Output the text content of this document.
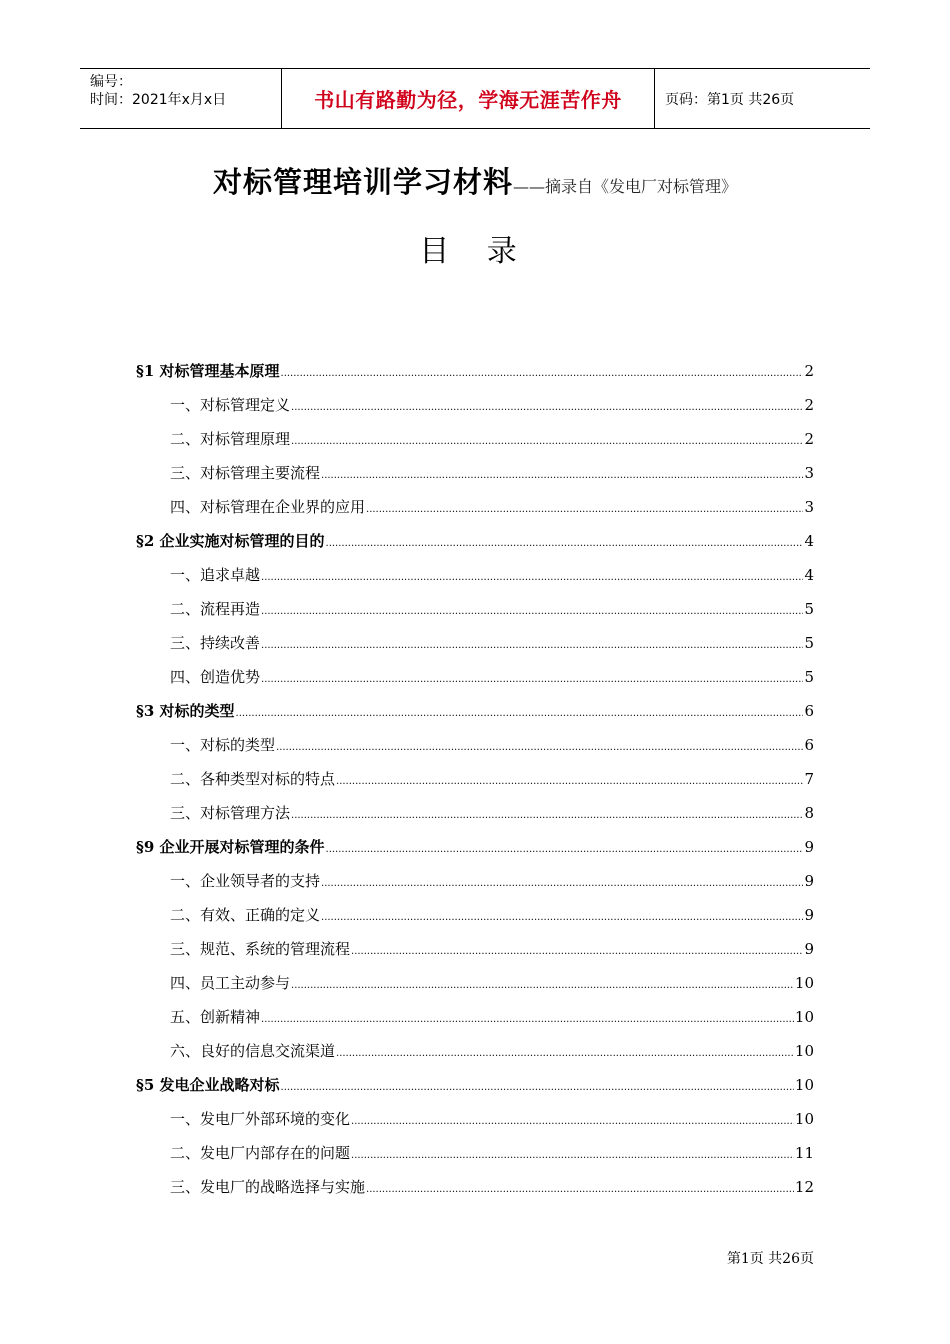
编号：
时间：2021年x月x日	书山有路勤为径，学海无涯苦作舟	页码：第1页 共26页
对标管理培训学习材料——摘录自《发电厂对标管理》
目 录
§1 对标管理基本原理 .....	2
一、对标管理定义 .....	2
二、对标管理原理 .....	2
三、对标管理主要流程 .....	3
四、对标管理在企业界的应用 .....	3
§2 企业实施对标管理的目的 .....	4
一、追求卓越 .....	4
二、流程再造 .....	5
三、持续改善 .....	5
四、创造优势 .....	5
§3 对标的类型 .....	6
一、对标的类型 .....	6
二、各种类型对标的特点 .....	7
三、对标管理方法 .....	8
§9 企业开展对标管理的条件 .....	9
一、企业领导者的支持 .....	9
二、有效、正确的定义 .....	9
三、规范、系统的管理流程 .....	9
四、员工主动参与 .....	10
五、创新精神 .....	10
六、良好的信息交流渠道 .....	10
§5 发电企业战略对标 .....	10
一、发电厂外部环境的变化 .....	10
二、发电厂内部存在的问题 .....	11
三、发电厂的战略选择与实施 .....	12
第1页 共26页
